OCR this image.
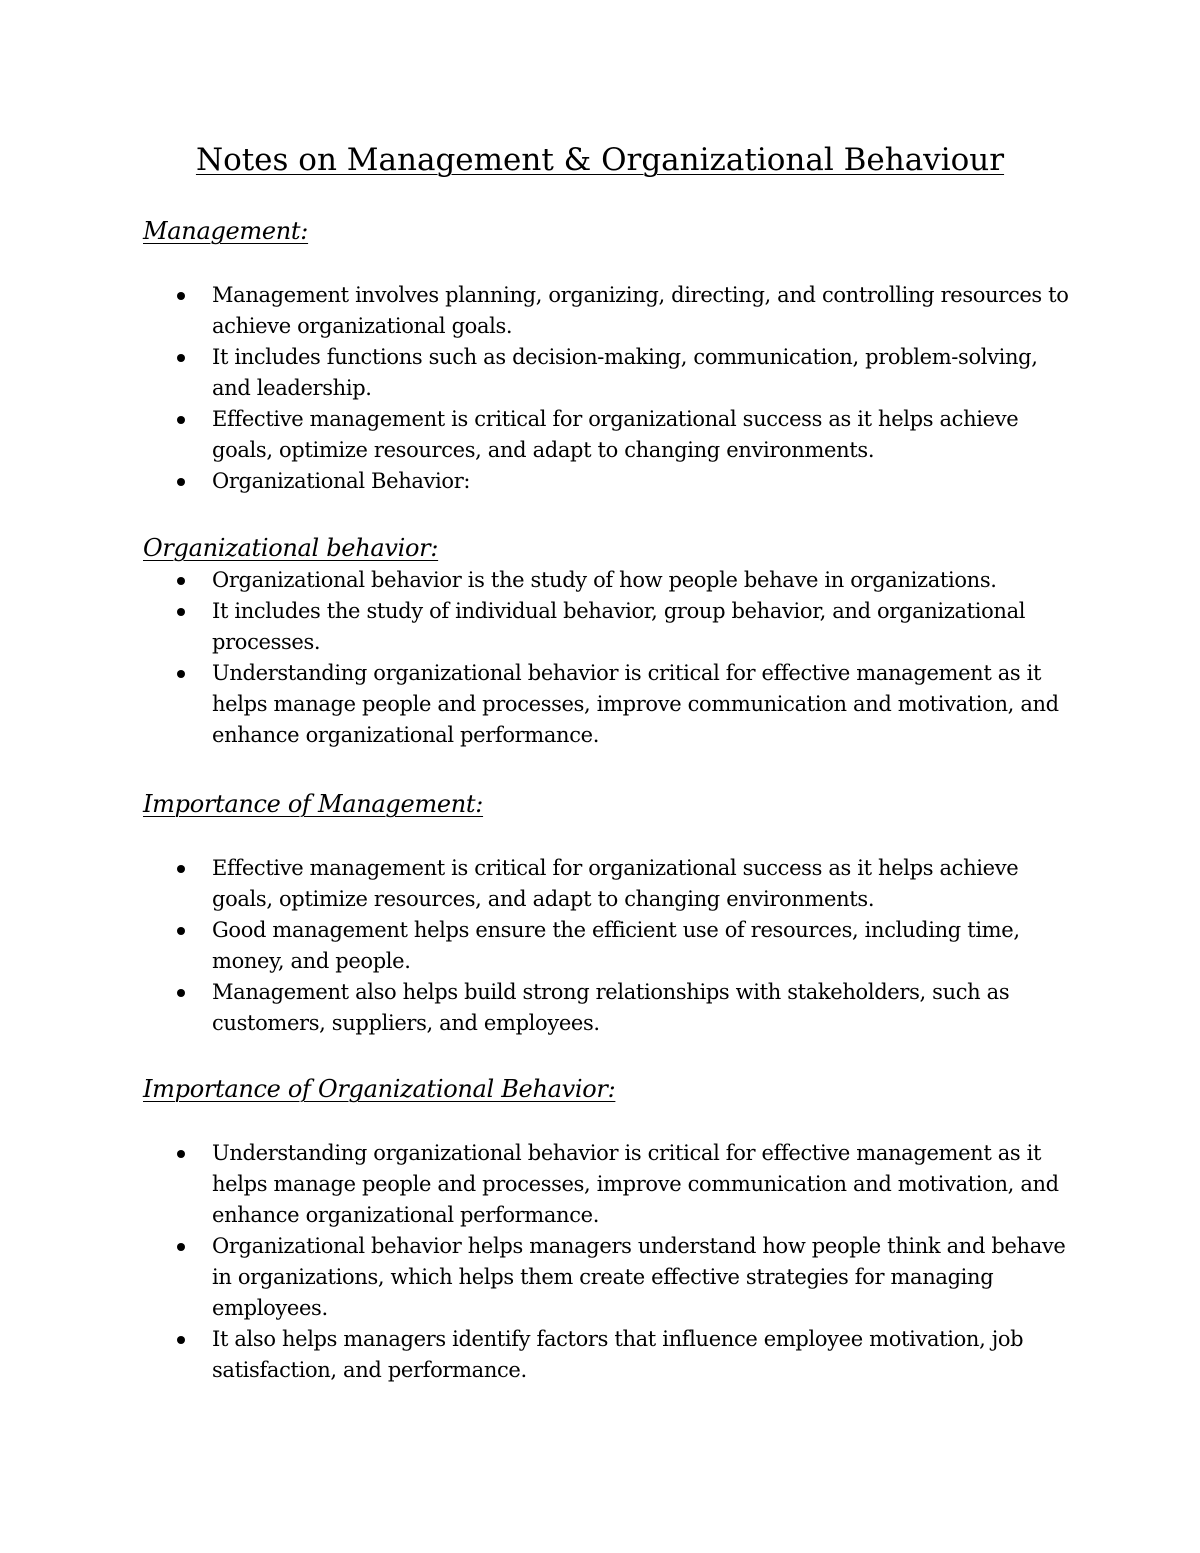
Notes on Management & Organizational Behaviour
Management:
Management involves planning, organizing, directing, and controlling resources to achieve organizational goals.
It includes functions such as decision-making, communication, problem-solving, and leadership.
Effective management is critical for organizational success as it helps achieve goals, optimize resources, and adapt to changing environments.
Organizational Behavior:
Organizational behavior:
Organizational behavior is the study of how people behave in organizations.
It includes the study of individual behavior, group behavior, and organizational processes.
Understanding organizational behavior is critical for effective management as it helps manage people and processes, improve communication and motivation, and enhance organizational performance.
Importance of Management:
Effective management is critical for organizational success as it helps achieve goals, optimize resources, and adapt to changing environments.
Good management helps ensure the efficient use of resources, including time, money, and people.
Management also helps build strong relationships with stakeholders, such as customers, suppliers, and employees.
Importance of Organizational Behavior:
Understanding organizational behavior is critical for effective management as it helps manage people and processes, improve communication and motivation, and enhance organizational performance.
Organizational behavior helps managers understand how people think and behave in organizations, which helps them create effective strategies for managing employees.
It also helps managers identify factors that influence employee motivation, job satisfaction, and performance.
